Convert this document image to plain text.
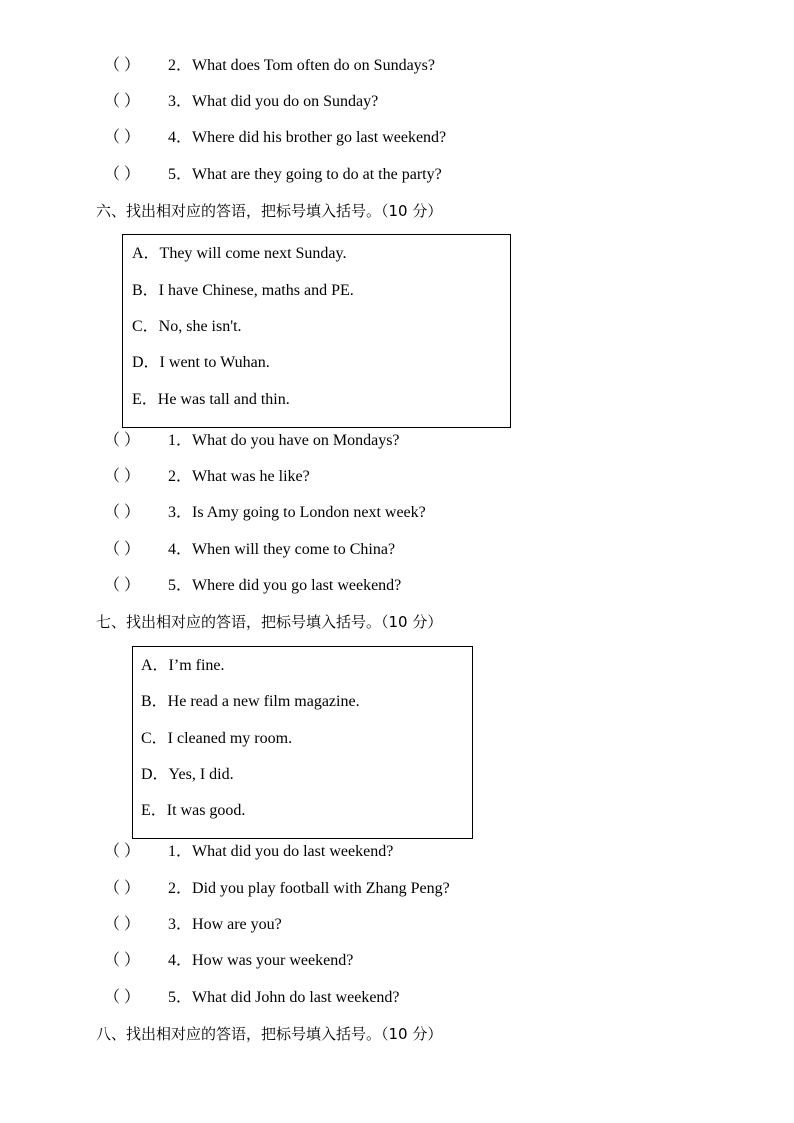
（ ） 2．What does Tom often do on Sundays?
（ ） 3．What did you do on Sunday?
（ ） 4．Where did his brother go last weekend?
（ ） 5．What are they going to do at the party?
六、找出相对应的答语，把标号填入括号。（10 分）
A．They will come next Sunday.
B．I have Chinese, maths and PE.
C．No, she isn't.
D．I went to Wuhan.
E．He was tall and thin.
（ ） 1．What do you have on Mondays?
（ ） 2．What was he like?
（ ） 3．Is Amy going to London next week?
（ ） 4．When will they come to China?
（ ） 5．Where did you go last weekend?
七、找出相对应的答语，把标号填入括号。（10 分）
A．I’m fine.
B．He read a new film magazine.
C．I cleaned my room.
D．Yes, I did.
E．It was good.
（ ） 1．What did you do last weekend?
（ ） 2．Did you play football with Zhang Peng?
（ ） 3．How are you?
（ ） 4．How was your weekend?
（ ） 5．What did John do last weekend?
八、找出相对应的答语，把标号填入括号。（10 分）
